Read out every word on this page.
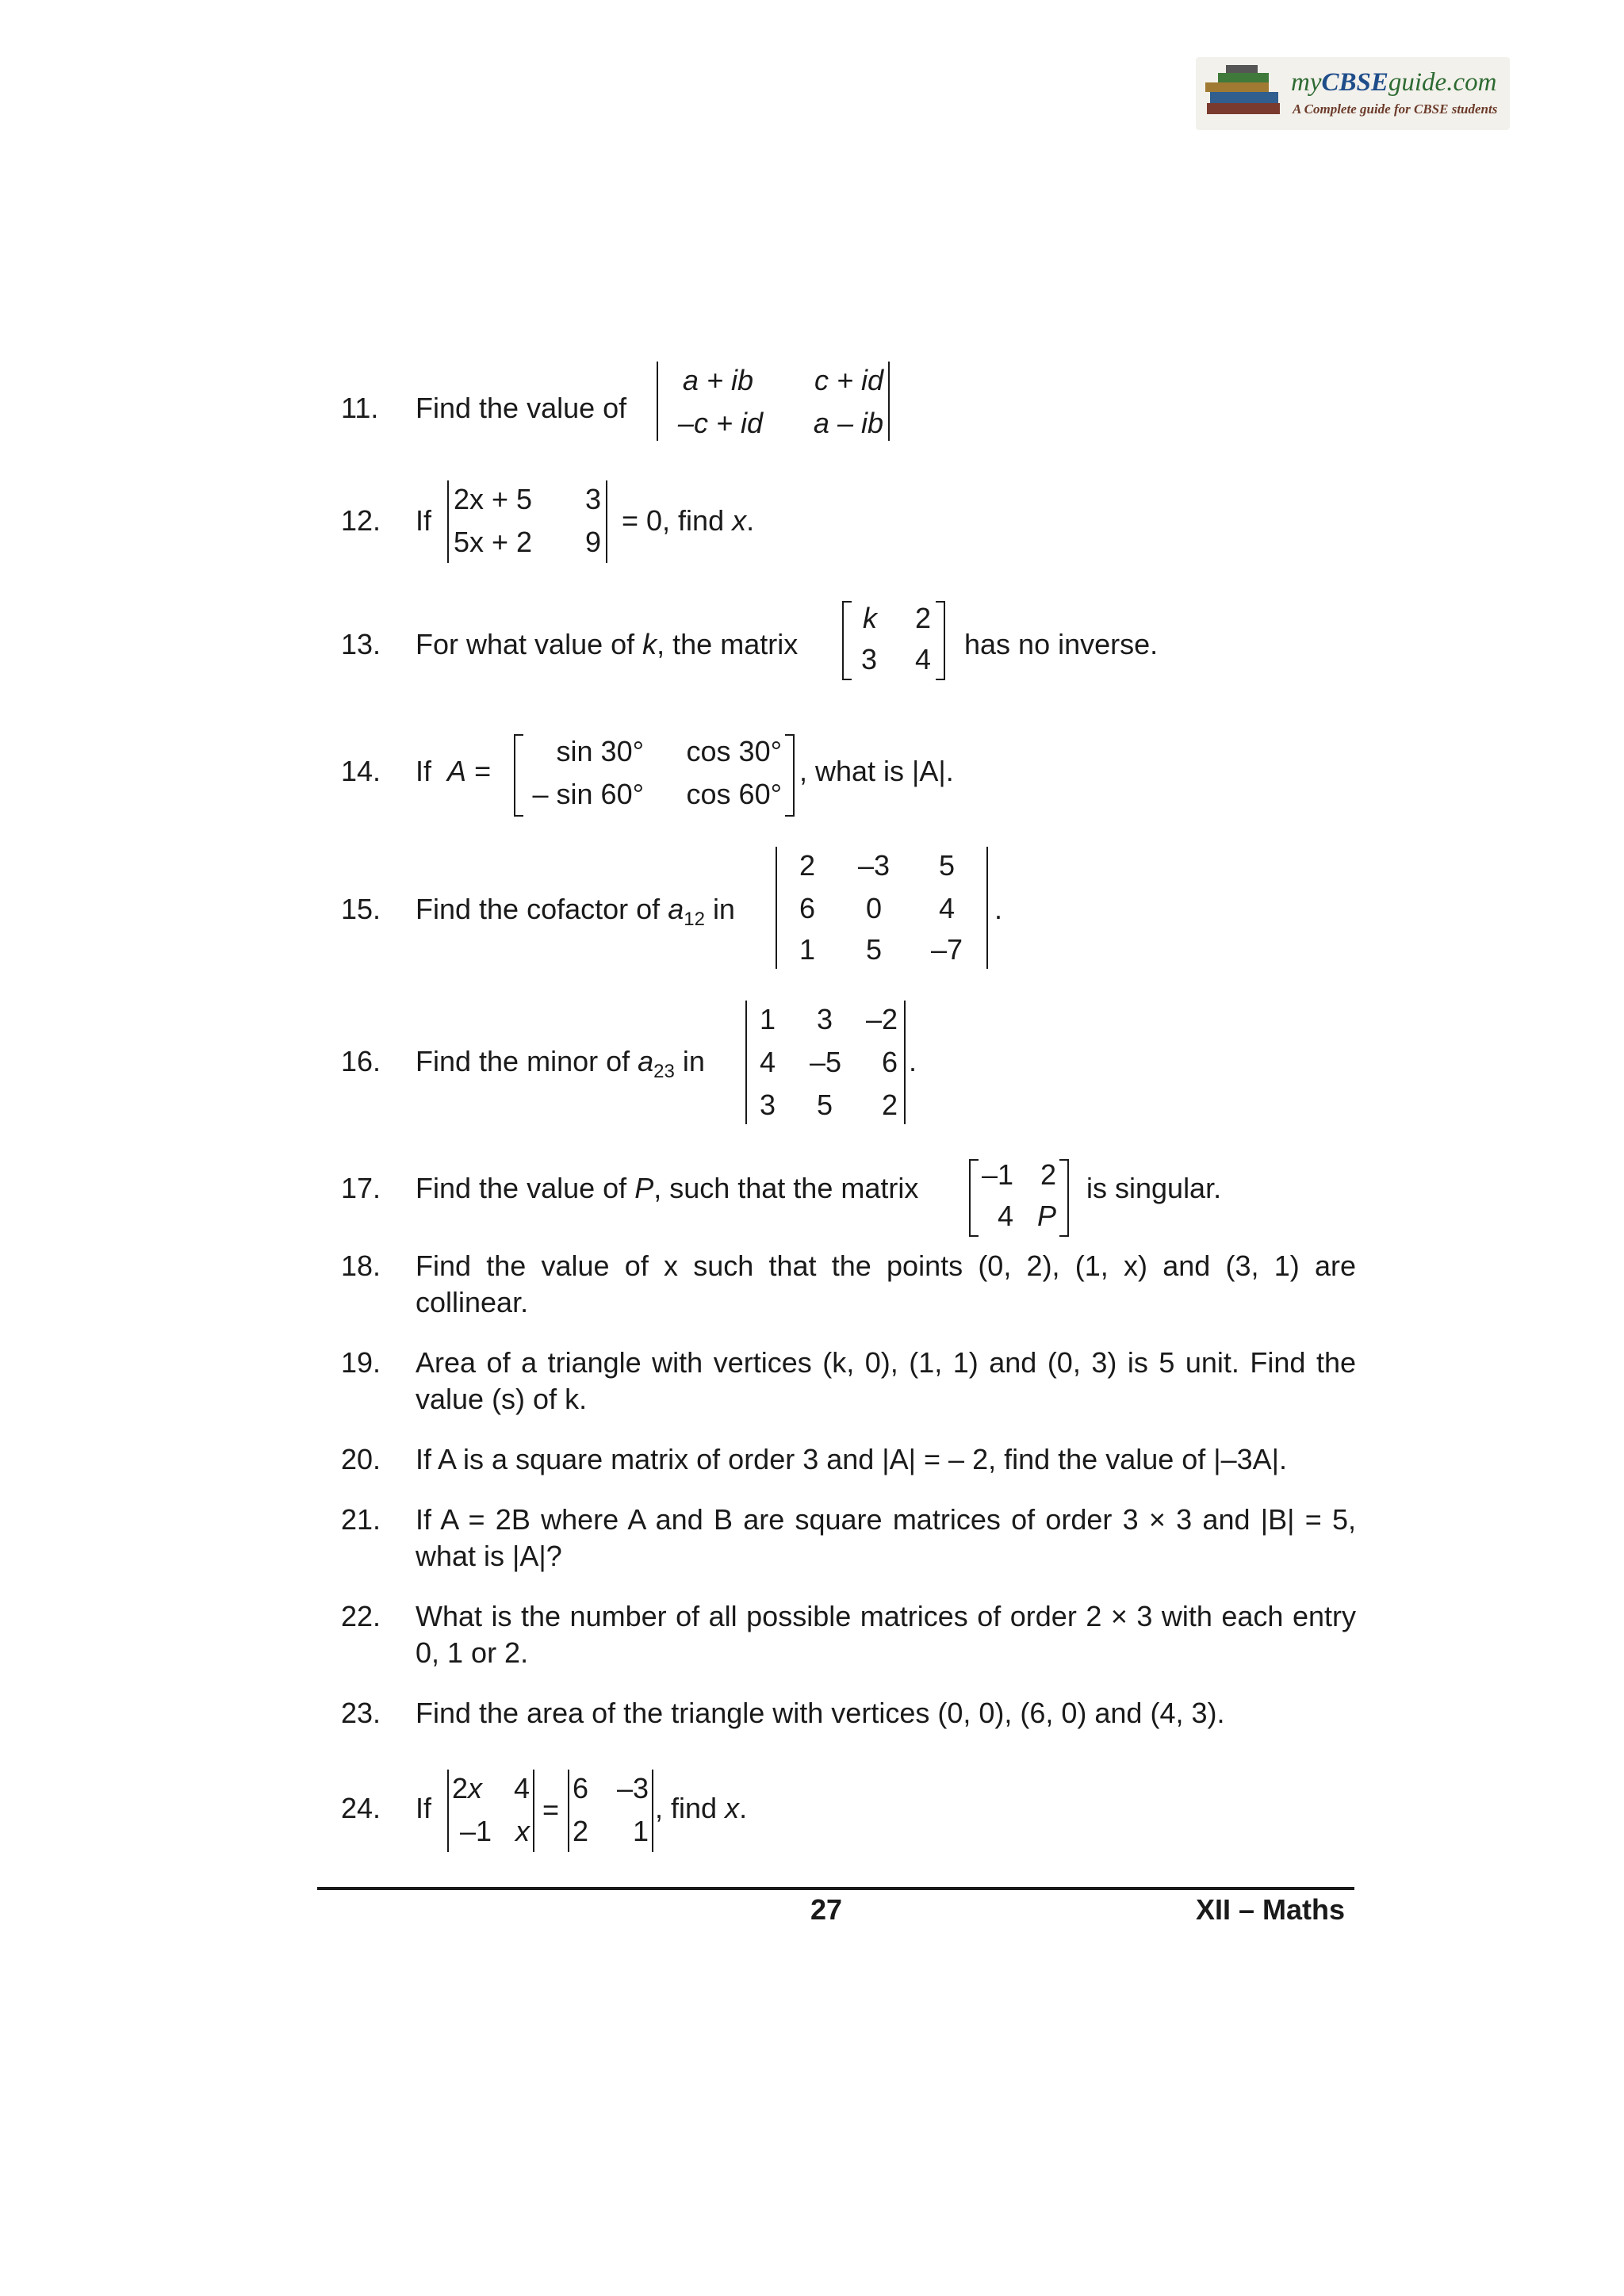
myCBSEguide.com
A Complete guide for CBSE students
11. Find the value of
a + ib	c + id
–c + id	a – ib
12. If
2x + 5	3
5x + 2	9
= 0, find x.
13. For what value of k, the matrix
k	2
3	4 has no inverse.
14. If A =
sin 30°	cos 30°
– sin 60°	cos 60°
, what is |A|.
15. Find the cofactor of $a_{12}$ in
2	–3	5
6	0	4
1	5	–7
.
16. Find the minor of $a_{23}$ in
1 3	–2
4	–5	6
3 5	2
.
17. Find the value of P, such that the matrix –1 2
4 P
is singular.
18. Find the value of x such that the points (0, 2), (1, x) and (3, 1) are collinear.
19. Area of a triangle with vertices (k, 0), (1, 1) and (0, 3) is 5 unit. Find the value (s) of k.
20. If A is a square matrix of order 3 and |A| = – 2, find the value of |–3A|.
21. If A = 2B where A and B are square matrices of order 3 × 3 and |B| = 5, what is |A|?
22. What is the number of all possible matrices of order 2 × 3 with each entry 0, 1 or 2.
23. Find the area of the triangle with vertices (0, 0), (6, 0) and (4, 3).
24. If
2x	4
–1 x
=
6 –3
2	1
, find x.
27	XII – Maths
